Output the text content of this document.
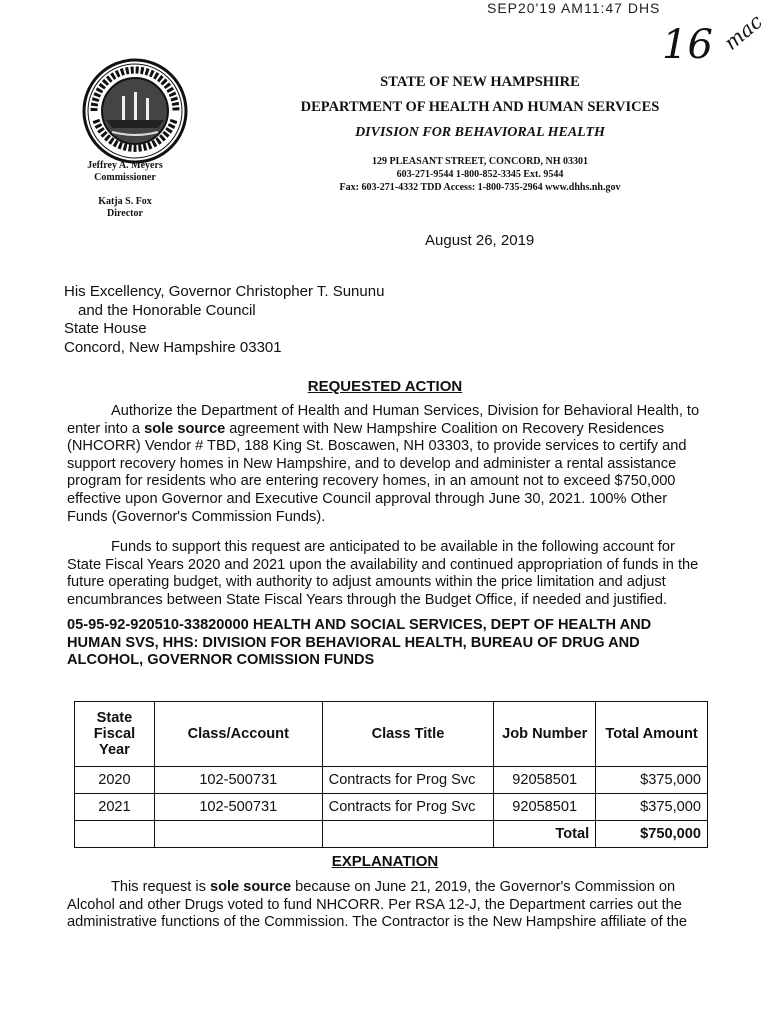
SEP20'19 AM11:47 DHS
16 mac
STATE OF NEW HAMPSHIRE
DEPARTMENT OF HEALTH AND HUMAN SERVICES
DIVISION FOR BEHAVIORAL HEALTH
129 PLEASANT STREET, CONCORD, NH 03301
603-271-9544 1-800-852-3345 Ext. 9544
Fax: 603-271-4332 TDD Access: 1-800-735-2964 www.dhhs.nh.gov
Jeffrey A. Meyers
Commissioner
Katja S. Fox
Director
August 26, 2019
His Excellency, Governor Christopher T. Sununu
and the Honorable Council
State House
Concord, New Hampshire 03301
REQUESTED ACTION
Authorize the Department of Health and Human Services, Division for Behavioral Health, to enter into a sole source agreement with New Hampshire Coalition on Recovery Residences (NHCORR) Vendor # TBD, 188 King St. Boscawen, NH 03303, to provide services to certify and support recovery homes in New Hampshire, and to develop and administer a rental assistance program for residents who are entering recovery homes, in an amount not to exceed $750,000 effective upon Governor and Executive Council approval through June 30, 2021. 100% Other Funds (Governor's Commission Funds).
Funds to support this request are anticipated to be available in the following account for State Fiscal Years 2020 and 2021 upon the availability and continued appropriation of funds in the future operating budget, with authority to adjust amounts within the price limitation and adjust encumbrances between State Fiscal Years through the Budget Office, if needed and justified.
05-95-92-920510-33820000 HEALTH AND SOCIAL SERVICES, DEPT OF HEALTH AND HUMAN SVS, HHS: DIVISION FOR BEHAVIORAL HEALTH, BUREAU OF DRUG AND ALCOHOL, GOVERNOR COMISSION FUNDS
State Fiscal Year	Class/Account	Class Title	Job Number	Total Amount
2020	102-500731	Contracts for Prog Svc	92058501	$375,000
2021	102-500731	Contracts for Prog Svc	92058501	$375,000
			Total	$750,000
EXPLANATION
This request is sole source because on June 21, 2019, the Governor's Commission on Alcohol and other Drugs voted to fund NHCORR. Per RSA 12-J, the Department carries out the administrative functions of the Commission. The Contractor is the New Hampshire affiliate of the
